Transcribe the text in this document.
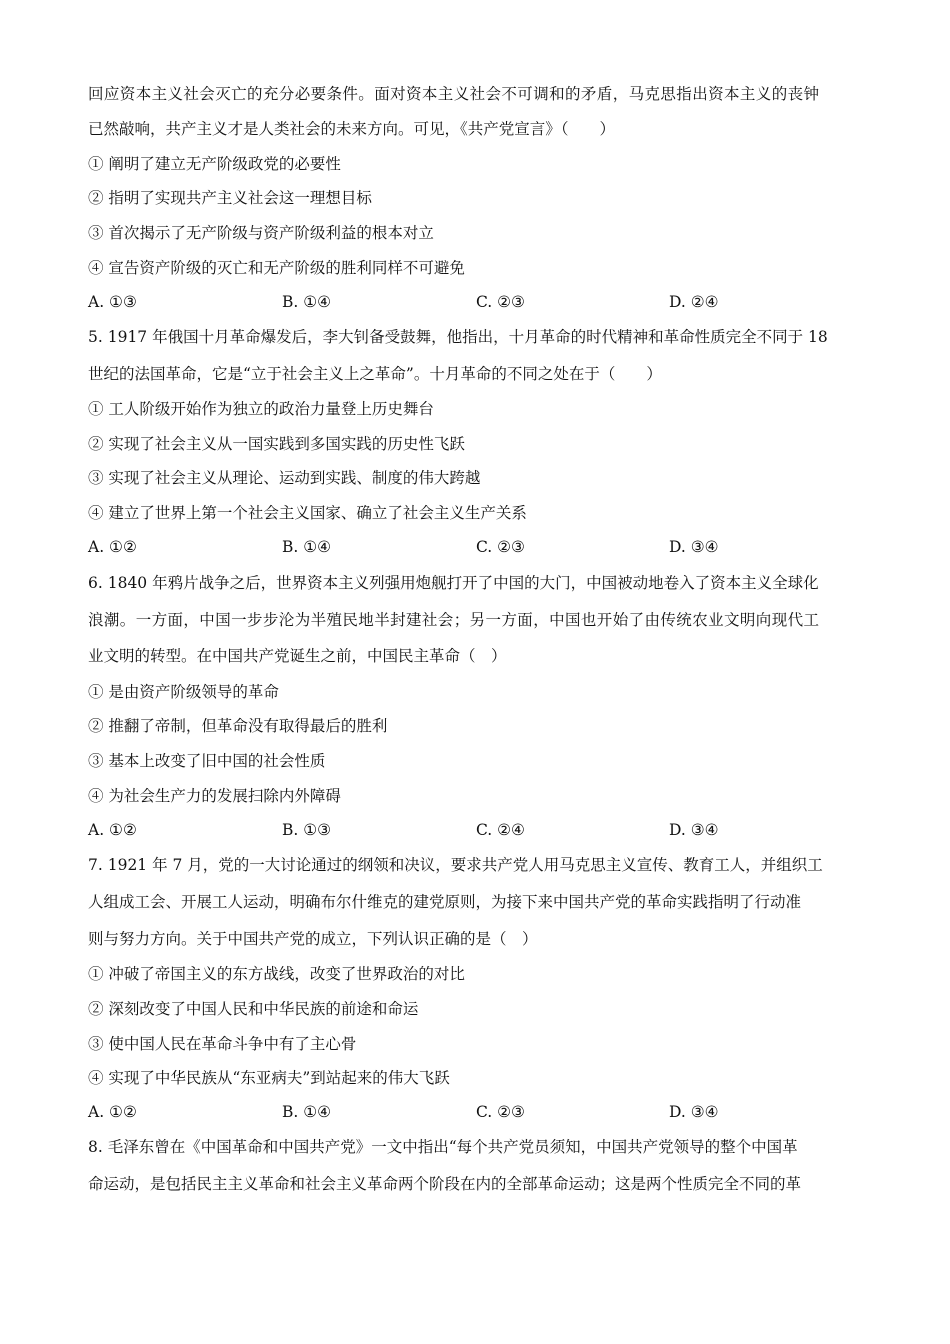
回应资本主义社会灭亡的充分必要条件。面对资本主义社会不可调和的矛盾，马克思指出资本主义的丧钟
已然敲响，共产主义才是人类社会的未来方向。可见，《共产党宣言》（　　）
① 阐明了建立无产阶级政党的必要性
② 指明了实现共产主义社会这一理想目标
③ 首次揭示了无产阶级与资产阶级利益的根本对立
④ 宣告资产阶级的灭亡和无产阶级的胜利同样不可避免
A. ①③	B. ①④	C. ②③	D. ②④
5. 1917 年俄国十月革命爆发后，李大钊备受鼓舞，他指出，十月革命的时代精神和革命性质完全不同于 18
世纪的法国革命，它是“立于社会主义上之革命”。十月革命的不同之处在于（　　）
① 工人阶级开始作为独立的政治力量登上历史舞台
② 实现了社会主义从一国实践到多国实践的历史性飞跃
③ 实现了社会主义从理论、运动到实践、制度的伟大跨越
④ 建立了世界上第一个社会主义国家、确立了社会主义生产关系
A. ①②	B. ①④	C. ②③	D. ③④
6. 1840 年鸦片战争之后，世界资本主义列强用炮舰打开了中国的大门，中国被动地卷入了资本主义全球化
浪潮。一方面，中国一步步沦为半殖民地半封建社会；另一方面，中国也开始了由传统农业文明向现代工
业文明的转型。在中国共产党诞生之前，中国民主革命（　）
① 是由资产阶级领导的革命
② 推翻了帝制，但革命没有取得最后的胜利
③ 基本上改变了旧中国的社会性质
④ 为社会生产力的发展扫除内外障碍
A. ①②	B. ①③	C. ②④	D. ③④
7. 1921 年 7 月，党的一大讨论通过的纲领和决议，要求共产党人用马克思主义宣传、教育工人，并组织工
人组成工会、开展工人运动，明确布尔什维克的建党原则，为接下来中国共产党的革命实践指明了行动准
则与努力方向。关于中国共产党的成立，下列认识正确的是（　）
① 冲破了帝国主义的东方战线，改变了世界政治的对比
② 深刻改变了中国人民和中华民族的前途和命运
③ 使中国人民在革命斗争中有了主心骨
④ 实现了中华民族从“东亚病夫”到站起来的伟大飞跃
A. ①②	B. ①④	C. ②③	D. ③④
8. 毛泽东曾在《中国革命和中国共产党》一文中指出“每个共产党员须知，中国共产党领导的整个中国革
命运动，是包括民主主义革命和社会主义革命两个阶段在内的全部革命运动；这是两个性质完全不同的革
